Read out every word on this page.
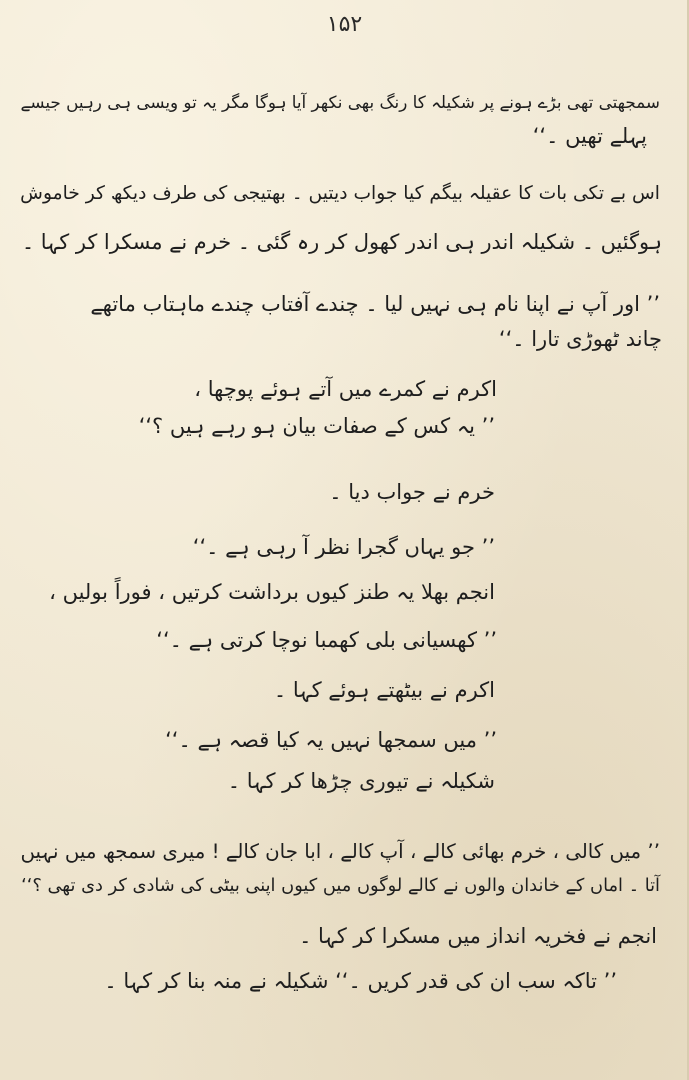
۱۵۲
سمجھتی تھی بڑے ہونے پر شکیلہ کا رنگ بھی نکھر آیا ہوگا مگر یہ تو ویسی ہی رہیں جیسے
پہلے تھیں ۔‘‘
اس بے تکی بات کا عقیلہ بیگم کیا جواب دیتیں ۔ بھتیجی کی طرف دیکھ کر خاموش
ہوگئیں ۔ شکیلہ اندر ہی اندر کھول کر رہ گئی ۔ خرم نے مسکرا کر کہا ۔
’’ اور آپ نے اپنا نام ہی نہیں لیا ۔ چندے آفتاب چندے ماہتاب ماتھے
چاند ٹھوڑی تارا ۔‘‘
اکرم نے کمرے میں آتے ہوئے پوچھا ،
’’ یہ کس کے صفات بیان ہو رہے ہیں ؟‘‘
خرم نے جواب دیا ۔
’’ جو یہاں گجرا نظر آ رہی ہے ۔‘‘
انجم بھلا یہ طنز کیوں برداشت کرتیں ، فوراً بولیں ،
’’ کھسیانی بلی کھمبا نوچا کرتی ہے ۔‘‘
اکرم نے بیٹھتے ہوئے کہا ۔
’’ میں سمجھا نہیں یہ کیا قصہ ہے ۔‘‘
شکیلہ نے تیوری چڑھا کر کہا ۔
’’ میں کالی ، خرم بھائی کالے ، آپ کالے ، ابا جان کالے ! میری سمجھ میں نہیں
آتا ۔ اماں کے خاندان والوں نے کالے لوگوں میں کیوں اپنی بیٹی کی شادی کر دی تھی ؟‘‘
انجم نے فخریہ انداز میں مسکرا کر کہا ۔
’’ تاکہ سب ان کی قدر کریں ۔‘‘ شکیلہ نے منہ بنا کر کہا ۔
